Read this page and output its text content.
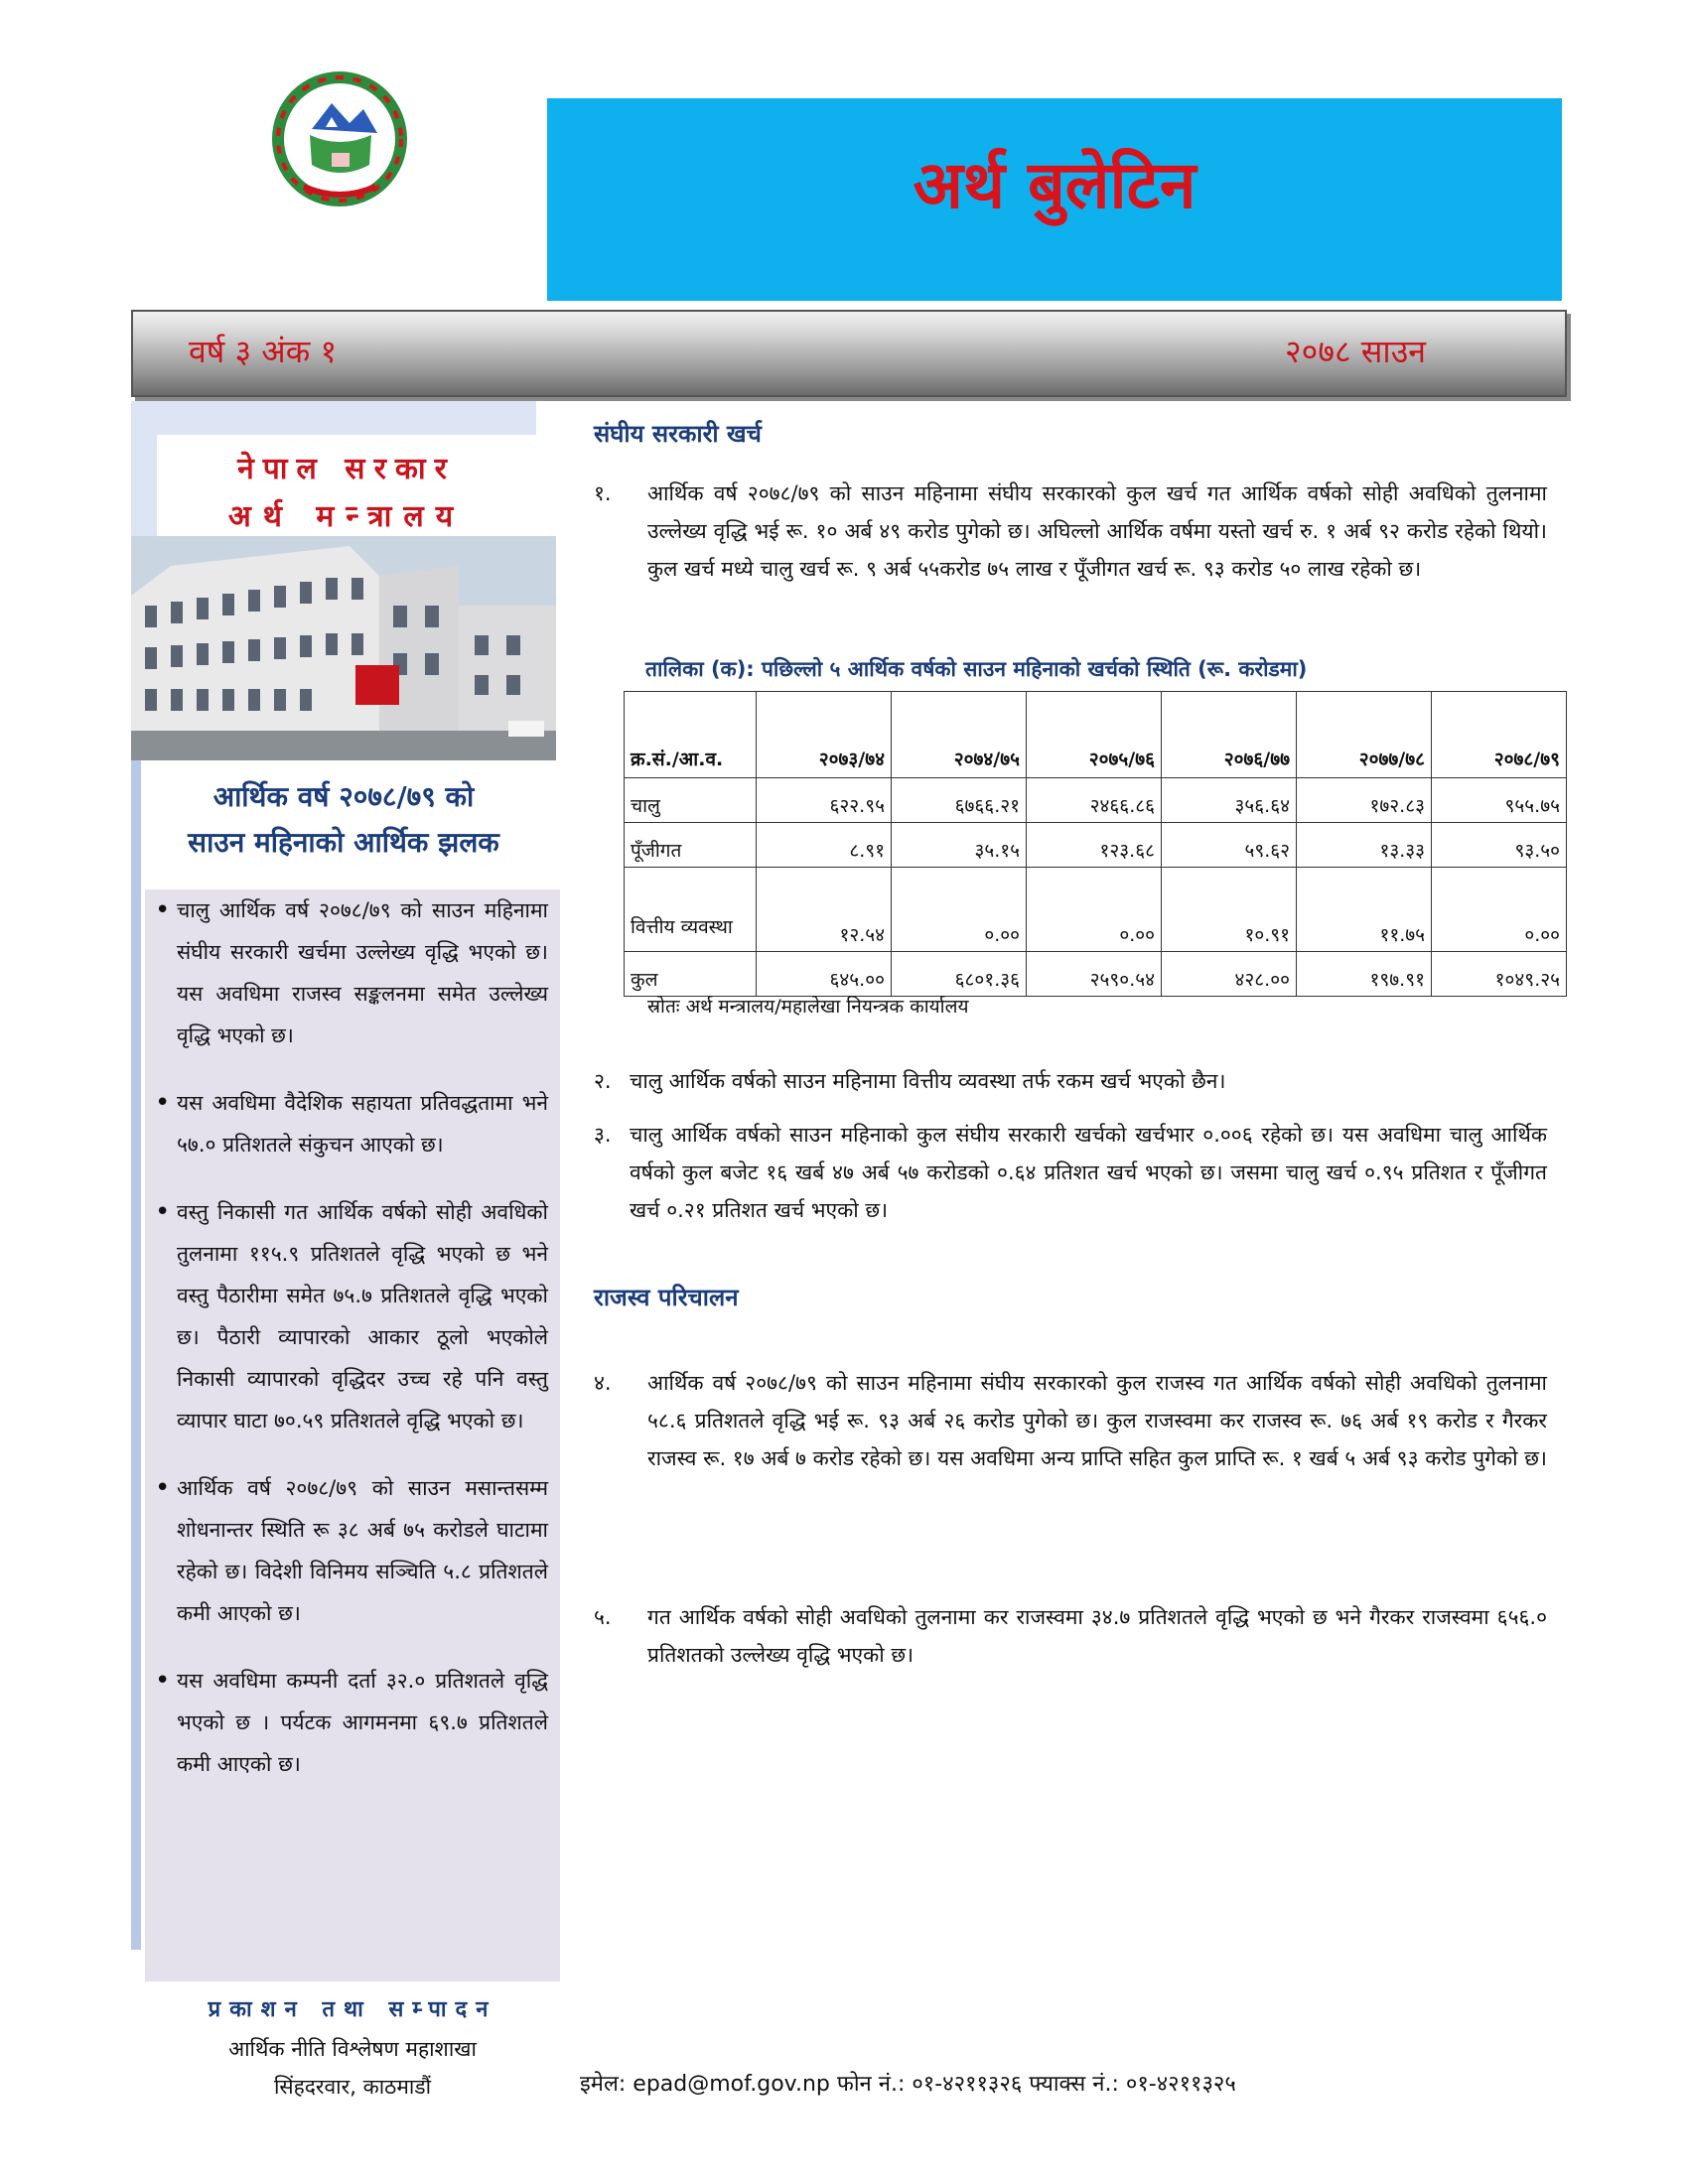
अर्थ बुलेटिन
वर्ष ३ अंक १	२०७८ साउन
नेपाल सरकार
अर्थ मन्त्रालय
आर्थिक वर्ष २०७८/७९ को
साउन महिनाको आर्थिक झलक
• चालु आर्थिक वर्ष २०७८/७९ को साउन महिनामा संघीय सरकारी खर्चमा उल्लेख्य वृद्धि भएको छ। यस अवधिमा राजस्व सङ्कलनमा समेत उल्लेख्य वृद्धि भएको छ।
• यस अवधिमा वैदेशिक सहायता प्रतिवद्धतामा भने ५७.० प्रतिशतले संकुचन आएको छ।
• वस्तु निकासी गत आर्थिक वर्षको सोही अवधिको तुलनामा ११५.९ प्रतिशतले वृद्धि भएको छ भने वस्तु पैठारीमा समेत ७५.७ प्रतिशतले वृद्धि भएको छ। पैठारी व्यापारको आकार ठूलो भएकोले निकासी व्यापारको वृद्धिदर उच्च रहे पनि वस्तु व्यापार घाटा ७०.५९ प्रतिशतले वृद्धि भएको छ।
• आर्थिक वर्ष २०७८/७९ को साउन मसान्तसम्म शोधनान्तर स्थिति रू ३८ अर्ब ७५ करोडले घाटामा रहेको छ। विदेशी विनिमय सञ्चिति ५.८ प्रतिशतले कमी आएको छ।
• यस अवधिमा कम्पनी दर्ता ३२.० प्रतिशतले वृद्धि भएको छ । पर्यटक आगमनमा ६९.७ प्रतिशतले कमी आएको छ।
प्रकाशन तथा सम्पादन
आर्थिक नीति विश्लेषण महाशाखा
सिंहदरवार, काठमाडौं
संघीय सरकारी खर्च
१. आर्थिक वर्ष २०७८/७९ को साउन महिनामा संघीय सरकारको कुल खर्च गत आर्थिक वर्षको सोही अवधिको तुलनामा उल्लेख्य वृद्धि भई रू. १० अर्ब ४९ करोड पुगेको छ। अघिल्लो आर्थिक वर्षमा यस्तो खर्च रु. १ अर्ब ९२ करोड रहेको थियो। कुल खर्च मध्ये चालु खर्च रू. ९ अर्ब ५५करोड ७५ लाख र पूँजीगत खर्च रू. ९३ करोड ५० लाख रहेको छ।
तालिका (क): पछिल्लो ५ आर्थिक वर्षको साउन महिनाको खर्चको स्थिति (रू. करोडमा)
क्र.सं./आ.व.	२०७३/७४	२०७४/७५	२०७५/७६	२०७६/७७	२०७७/७८	२०७८/७९
चालु	६२२.९५	६७६६.२१	२४६६.८६	३५६.६४	१७२.८३	९५५.७५
पूँजीगत	८.९१	३५.१५	१२३.६८	५९.६२	१३.३३	९३.५०
वित्तीय व्यवस्था	१२.५४	०.००	०.००	१०.९१	११.७५	०.००
कुल	६४५.००	६८०१.३६	२५९०.५४	४२८.००	१९७.९१	१०४९.२५
स्रोतः अर्थ मन्त्रालय/महालेखा नियन्त्रक कार्यालय
२. चालु आर्थिक वर्षको साउन महिनामा वित्तीय व्यवस्था तर्फ रकम खर्च भएको छैन।
३. चालु आर्थिक वर्षको साउन महिनाको कुल संघीय सरकारी खर्चको खर्चभार ०.००६ रहेको छ। यस अवधिमा चालु आर्थिक वर्षको कुल बजेट १६ खर्ब ४७ अर्ब ५७ करोडको ०.६४ प्रतिशत खर्च भएको छ। जसमा चालु खर्च ०.९५ प्रतिशत र पूँजीगत खर्च ०.२१ प्रतिशत खर्च भएको छ।
राजस्व परिचालन
४. आर्थिक वर्ष २०७८/७९ को साउन महिनामा संघीय सरकारको कुल राजस्व गत आर्थिक वर्षको सोही अवधिको तुलनामा ५८.६ प्रतिशतले वृद्धि भई रू. ९३ अर्ब २६ करोड पुगेको छ। कुल राजस्वमा कर राजस्व रू. ७६ अर्ब १९ करोड र गैरकर राजस्व रू. १७ अर्ब ७ करोड रहेको छ। यस अवधिमा अन्य प्राप्ति सहित कुल प्राप्ति रू. १ खर्ब ५ अर्ब ९३ करोड पुगेको छ।
५. गत आर्थिक वर्षको सोही अवधिको तुलनामा कर राजस्वमा ३४.७ प्रतिशतले वृद्धि भएको छ भने गैरकर राजस्वमा ६५६.० प्रतिशतको उल्लेख्य वृद्धि भएको छ।
इमेल: epad@mof.gov.np फोन नं.: ०१-४२११३२६ फ्याक्स नं.: ०१-४२११३२५
